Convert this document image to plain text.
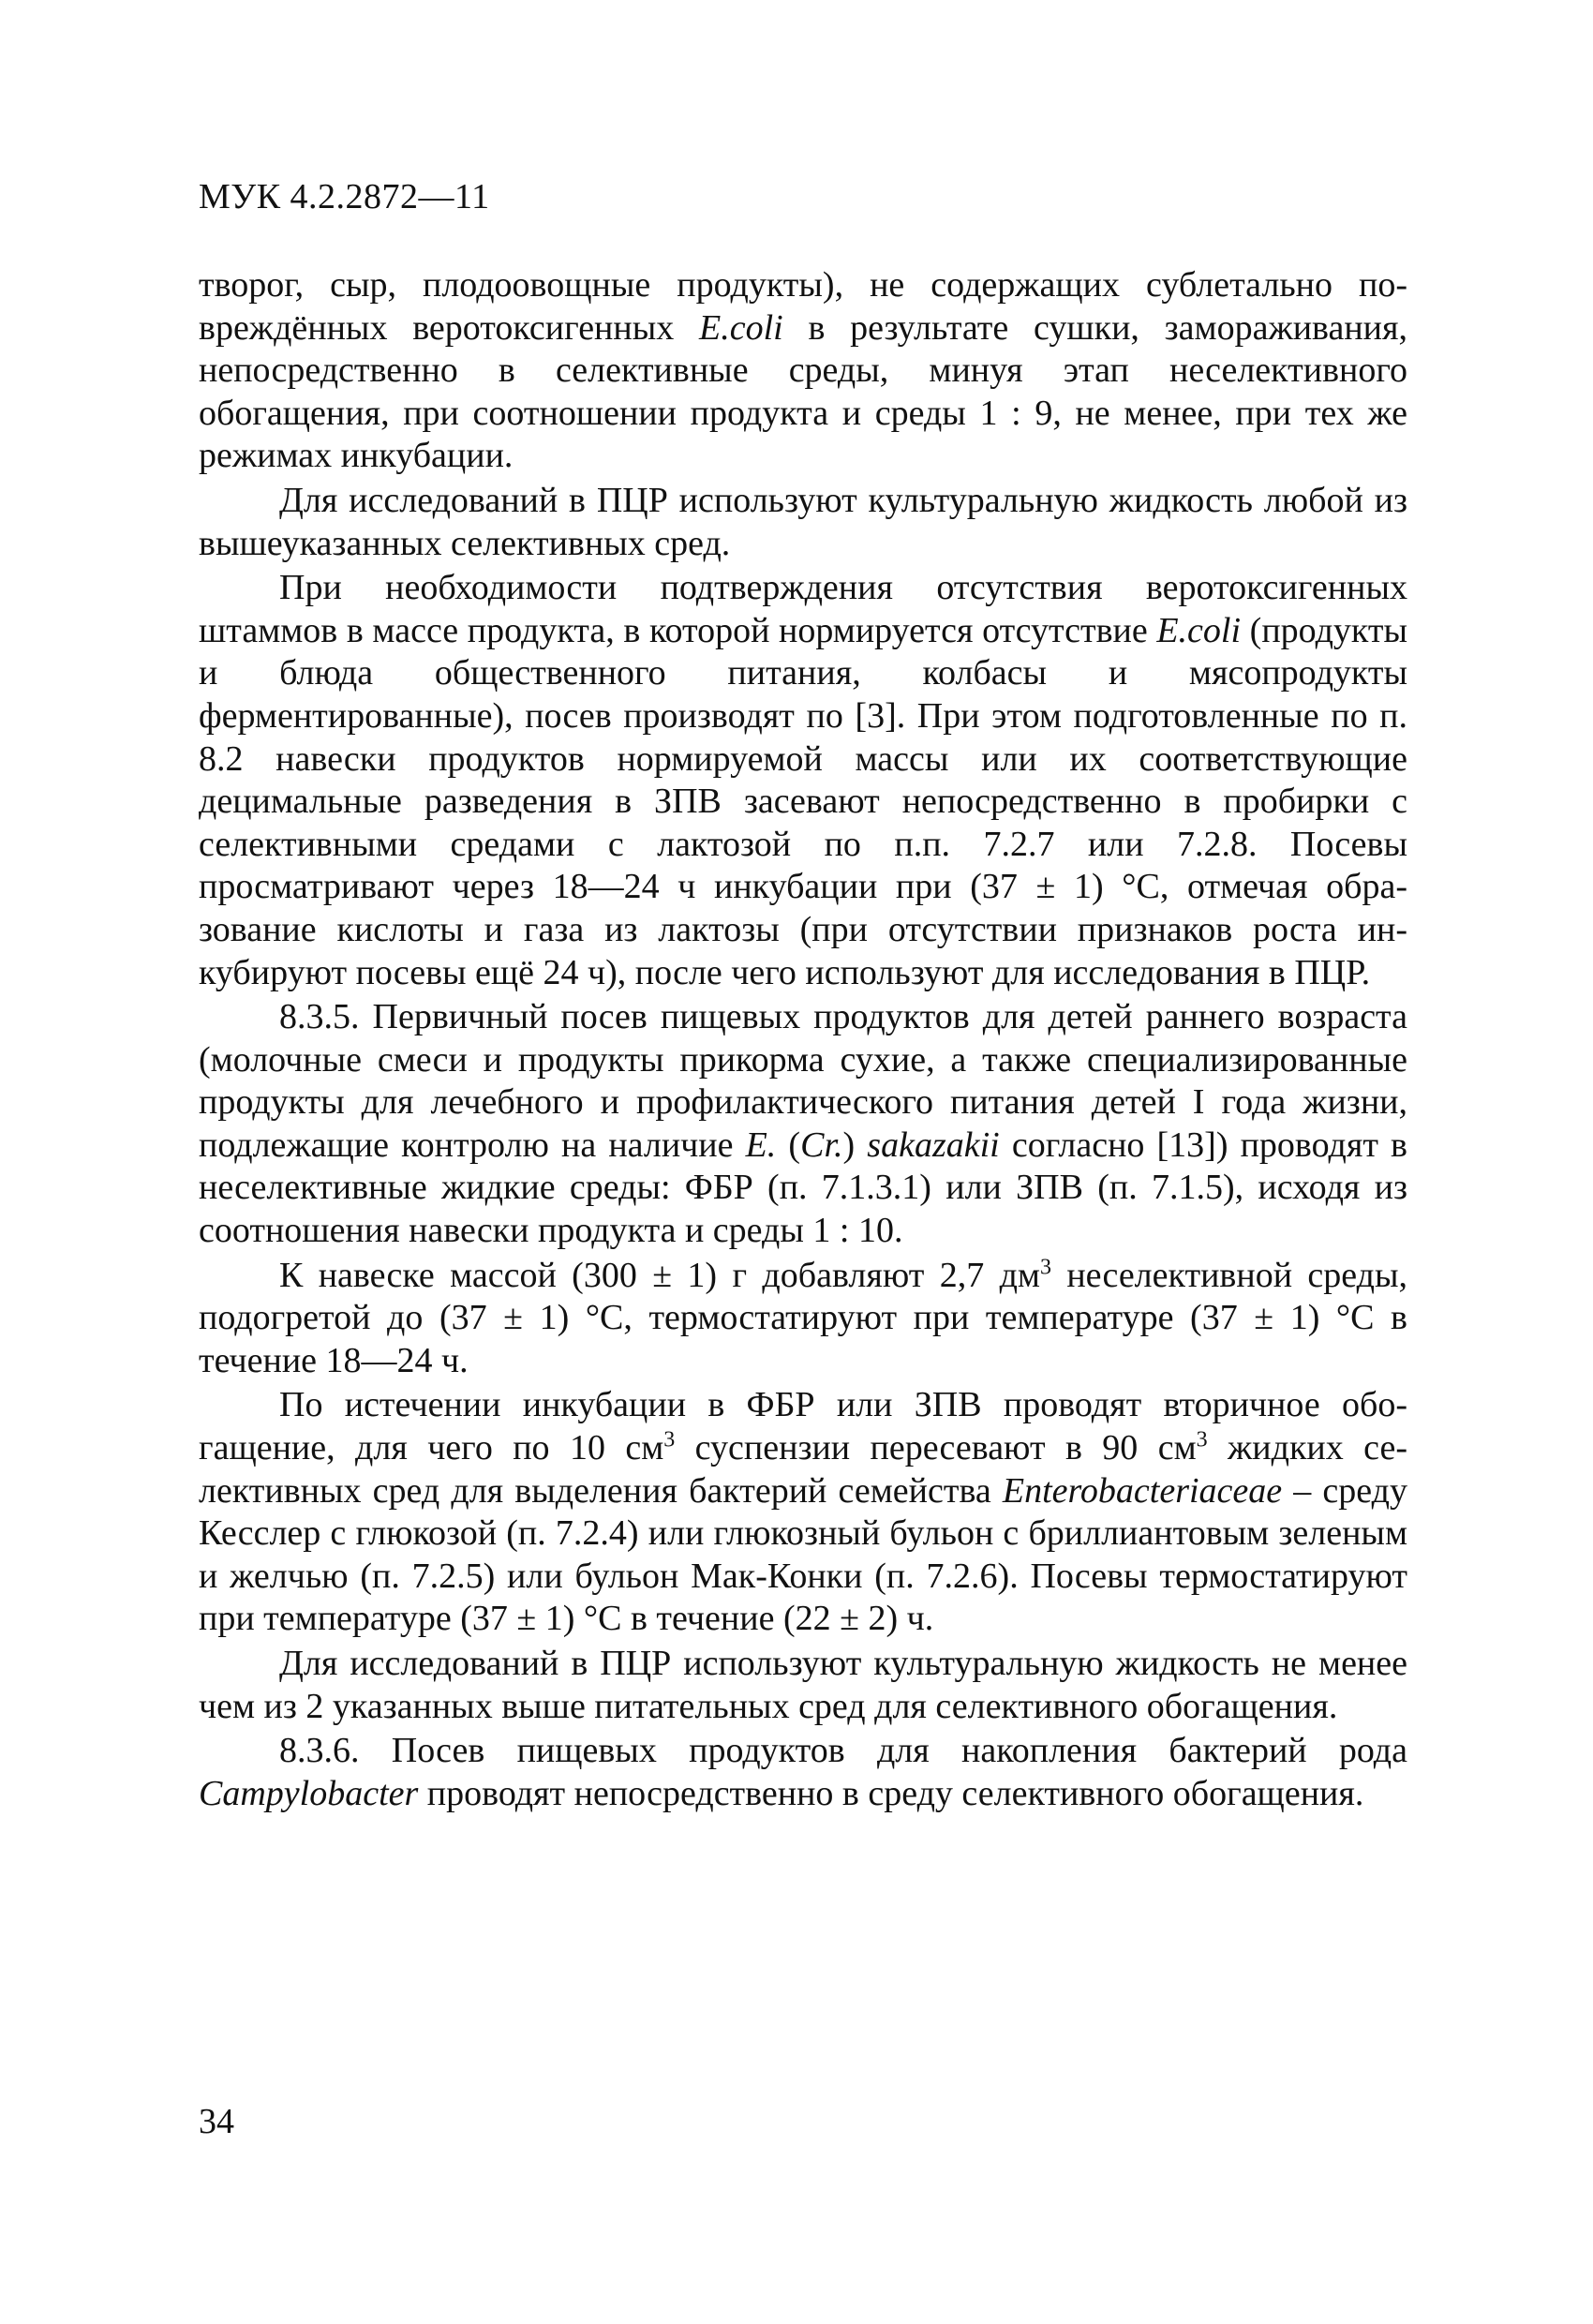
МУК 4.2.2872—11

творог, сыр, плодоовощные продукты), не содержащих сублетально повреждённых веротоксигенных E.coli в результате сушки, замораживания, непосредственно в селективные среды, минуя этап неселективного обогащения, при соотношении продукта и среды 1 : 9, не менее, при тех же режимах инкубации.

Для исследований в ПЦР используют культуральную жидкость любой из вышеуказанных селективных сред.

При необходимости подтверждения отсутствия веротоксигенных штаммов в массе продукта, в которой нормируется отсутствие E.coli (продукты и блюда общественного питания, колбасы и мясопродукты ферментированные), посев производят по [3]. При этом подготовленные по п. 8.2 навески продуктов нормируемой массы или их соответствующие децимальные разведения в ЗПВ засевают непосредственно в пробирки с селективными средами с лактозой по п.п. 7.2.7 или 7.2.8. Посевы просматривают через 18—24 ч инкубации при (37 ± 1) °С, отмечая образование кислоты и газа из лактозы (при отсутствии признаков роста инкубируют посевы ещё 24 ч), после чего используют для исследования в ПЦР.

8.3.5. Первичный посев пищевых продуктов для детей раннего возраста (молочные смеси и продукты прикорма сухие, а также специализированные продукты для лечебного и профилактического питания детей I года жизни, подлежащие контролю на наличие E. (Cr.) sakazakii согласно [13]) проводят в неселективные жидкие среды: ФБР (п. 7.1.3.1) или ЗПВ (п. 7.1.5), исходя из соотношения навески продукта и среды 1 : 10.

К навеске массой (300 ± 1) г добавляют 2,7 $дм^3$ неселективной среды, подогретой до (37 ± 1) °С, термостатируют при температуре (37 ± 1) °С в течение 18—24 ч.

По истечении инкубации в ФБР или ЗПВ проводят вторичное обогащение, для чего по 10 $см^3$ суспензии пересевают в 90 $см^3$ жидких селективных сред для выделения бактерий семейства Enterobacteriaceae – среду Кесслер с глюкозой (п. 7.2.4) или глюкозный бульон с бриллиантовым зеленым и желчью (п. 7.2.5) или бульон Мак-Конки (п. 7.2.6). Посевы термостатируют при температуре (37 ± 1) °С в течение (22 ± 2) ч.

Для исследований в ПЦР используют культуральную жидкость не менее чем из 2 указанных выше питательных сред для селективного обогащения.

8.3.6. Посев пищевых продуктов для накопления бактерий рода Campylobacter проводят непосредственно в среду селективного обогащения.

34
